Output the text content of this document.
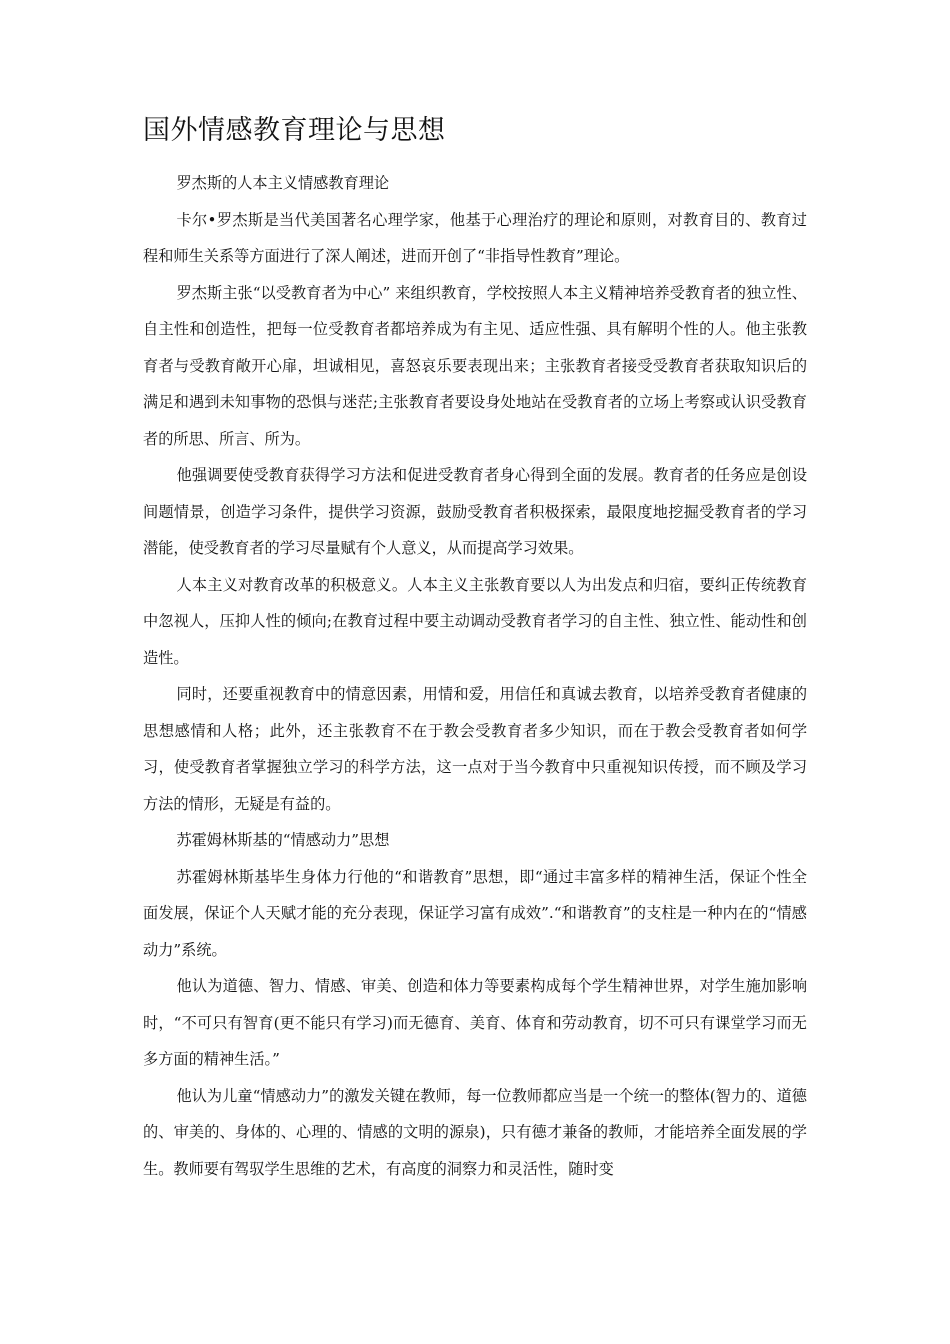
国外情感教育理论与思想

罗杰斯的人本主义情感教育理论

卡尔•罗杰斯是当代美国著名心理学家，他基于心理治疗的理论和原则，对教育目的、教育过程和师生关系等方面进行了深人阐述，进而开创了“非指导性教育”理论。

罗杰斯主张“以受教育者为中心” 来组织教育，学校按照人本主义精神培养受教育者的独立性、自主性和创造性，把每一位受教育者都培养成为有主见、适应性强、具有解明个性的人。他主张教育者与受教育敞开心扉，坦诚相见，喜怒哀乐要表现出来；主张教育者接受受教育者获取知识后的满足和遇到未知事物的恐惧与迷茫;主张教育者要设身处地站在受教育者的立场上考察或认识受教育者的所思、所言、所为。

他强调要使受教育获得学习方法和促进受教育者身心得到全面的发展。教育者的任务应是创设间题情景，创造学习条件，提供学习资源，鼓励受教育者积极探索，最限度地挖掘受教育者的学习潜能，使受教育者的学习尽量赋有个人意义，从而提高学习效果。

人本主义对教育改革的积极意义。人本主义主张教育要以人为出发点和归宿，要纠正传统教育中忽视人，压抑人性的倾向;在教育过程中要主动调动受教育者学习的自主性、独立性、能动性和创造性。

同时，还要重视教育中的情意因素，用情和爱，用信任和真诚去教育，以培养受教育者健康的思想感情和人格；此外，还主张教育不在于教会受教育者多少知识，而在于教会受教育者如何学习，使受教育者掌握独立学习的科学方法，这一点对于当今教育中只重视知识传授，而不顾及学习方法的情形，无疑是有益的。

苏霍姆林斯基的“情感动力”思想

苏霍姆林斯基毕生身体力行他的“和谐教育”思想，即“通过丰富多样的精神生活，保证个性全面发展，保证个人天赋才能的充分表现，保证学习富有成效”.“和谐教育”的支柱是一种内在的“情感动力”系统。

他认为道德、智力、情感、审美、创造和体力等要素构成每个学生精神世界，对学生施加影响时，“不可只有智育(更不能只有学习)而无德育、美育、体育和劳动教育，切不可只有课堂学习而无多方面的精神生活。”

他认为儿童“情感动力”的激发关键在教师，每一位教师都应当是一个统一的整体(智力的、道德的、审美的、身体的、心理的、情感的文明的源泉)，只有德才兼备的教师，才能培养全面发展的学生。教师要有驾驭学生思维的艺术，有高度的洞察力和灵活性，随时变
